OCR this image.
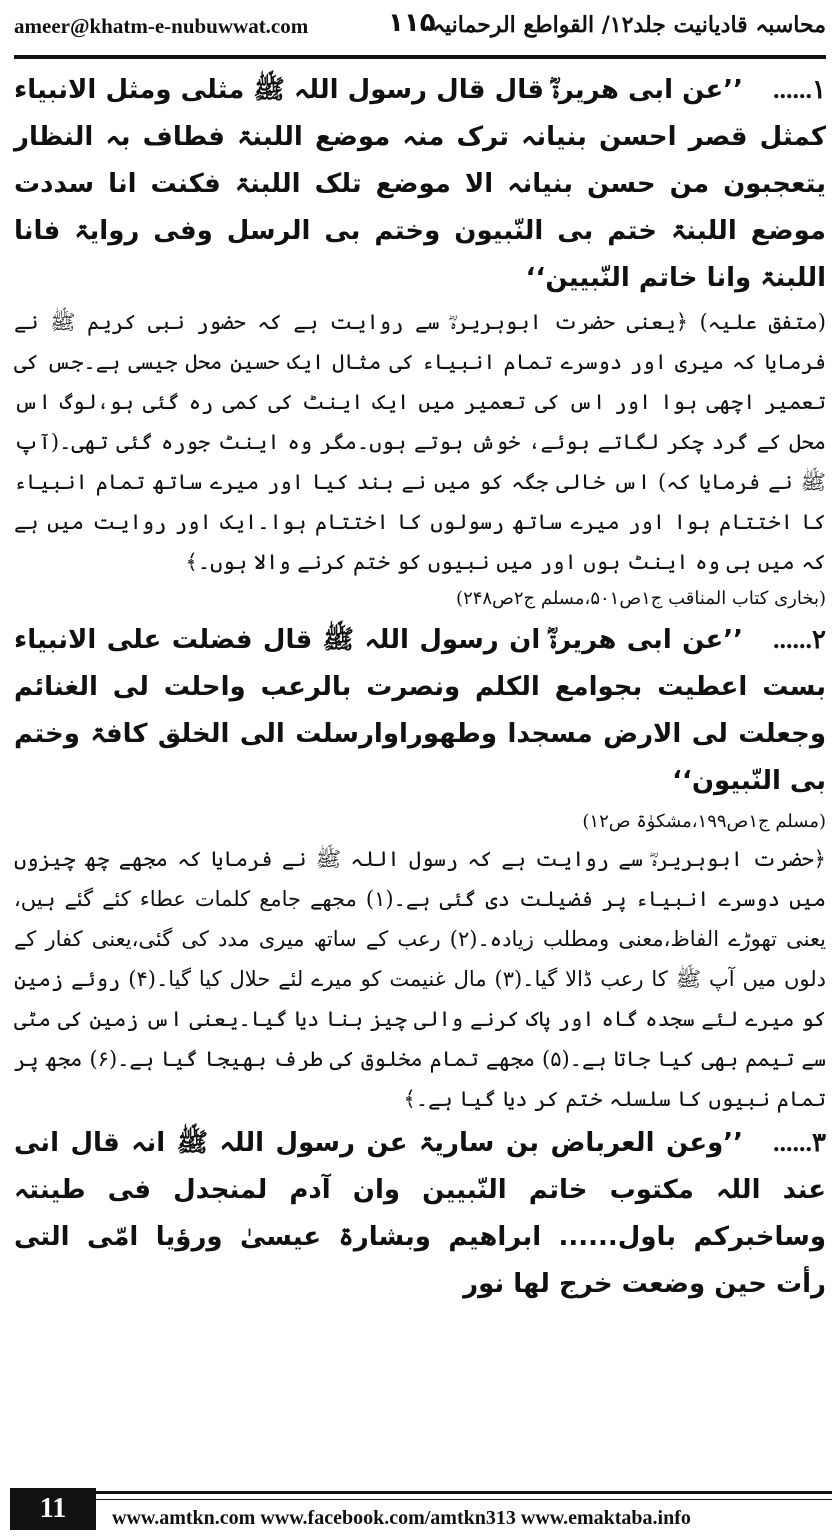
ameer@khatm-e-nubuwwat.com	۱۱۵
محاسبہ قادیانیت جلد۱۲/ القواطع الرحمانیہ

۱......’’عن ابی ھریرۃؓ قال قال رسول اللہ ﷺ مثلی ومثل الانبیاء کمثل قصر احسن بنیانہ ترک منہ موضع اللبنۃ فطاف بہ النظار یتعجبون من حسن بنیانہ الا موضع تلک اللبنۃ فکنت انا سددت موضع اللبنۃ ختم بی النّبیون وختم بی الرسل وفی روایۃ فانا اللبنۃ وانا خاتم النّبیین‘‘

(متفق علیہ) ﴿یعنی حضرت ابوہریرہؓ سے روایت ہے کہ حضور نبی کریم ﷺ نے فرمایا کہ میری اور دوسرے تمام انبیاء کی مثال ایک حسین محل جیسی ہے۔جس کی تعمیر اچھی ہوا اور اس کی تعمیر میں ایک اینٹ کی کمی رہ گئی ہو،لوگ اس محل کے گرد چکر لگاتے ہوئے، خوش ہوتے ہوں۔مگر وہ اینٹ جورہ گئی تھی۔(آپ ﷺ نے فرمایا کہ) اس خالی جگہ کو میں نے بند کیا اور میرے ساتھ تمام انبیاء کا اختتام ہوا اور میرے ساتھ رسولوں کا اختتام ہوا۔ایک اور روایت میں ہے کہ میں ہی وہ اینٹ ہوں اور میں نبیوں کو ختم کرنے والا ہوں۔﴾

(بخاری کتاب المناقب ج۱ص۵۰۱،مسلم ج۲ص۲۴۸)

۲......’’عن ابی ھریرۃؓ ان رسول اللہ ﷺ قال فضلت علی الانبیاء بست اعطیت بجوامع الکلم ونصرت بالرعب واحلت لی الغنائم وجعلت لی الارض مسجدا وطھوراوارسلت الی الخلق کافۃ وختم بی النّبیون‘‘

(مسلم ج۱ص۱۹۹،مشکوٰۃ ص۱۲)

﴿حضرت ابوہریرہؓ سے روایت ہے کہ رسول اللہ ﷺ نے فرمایا کہ مجھے چھ چیزوں میں دوسرے انبیاء پر فضیلت دی گئی ہے۔(۱) مجھے جامع کلمات عطاء کئے گئے ہیں، یعنی تھوڑے الفاظ،معنی ومطلب زیادہ۔(۲) رعب کے ساتھ میری مدد کی گئی،یعنی کفار کے دلوں میں آپ ﷺ کا رعب ڈالا گیا۔(۳) مال غنیمت کو میرے لئے حلال کیا گیا۔(۴) روئے زمین کو میرے لئے سجدہ گاہ اور پاک کرنے والی چیز بنا دیا گیا۔یعنی اس زمین کی مٹی سے تیمم بھی کیا جاتا ہے۔(۵) مجھے تمام مخلوق کی طرف بھیجا گیا ہے۔(۶) مجھ پر تمام نبیوں کا سلسلہ ختم کر دیا گیا ہے۔﴾

۳......’’وعن العرباض بن ساریۃ عن رسول اللہ ﷺ انہ قال انی عند اللہ مکتوب خاتم النّبیین وان آدم لمنجدل فی طینتہ وساخبرکم باول...... ابراھیم وبشارۃ عیسیٰ ورؤیا امّی التی رأت حین وضعت خرج لھا نور

11	www.amtkn.com www.facebook.com/amtkn313 www.emaktaba.info
